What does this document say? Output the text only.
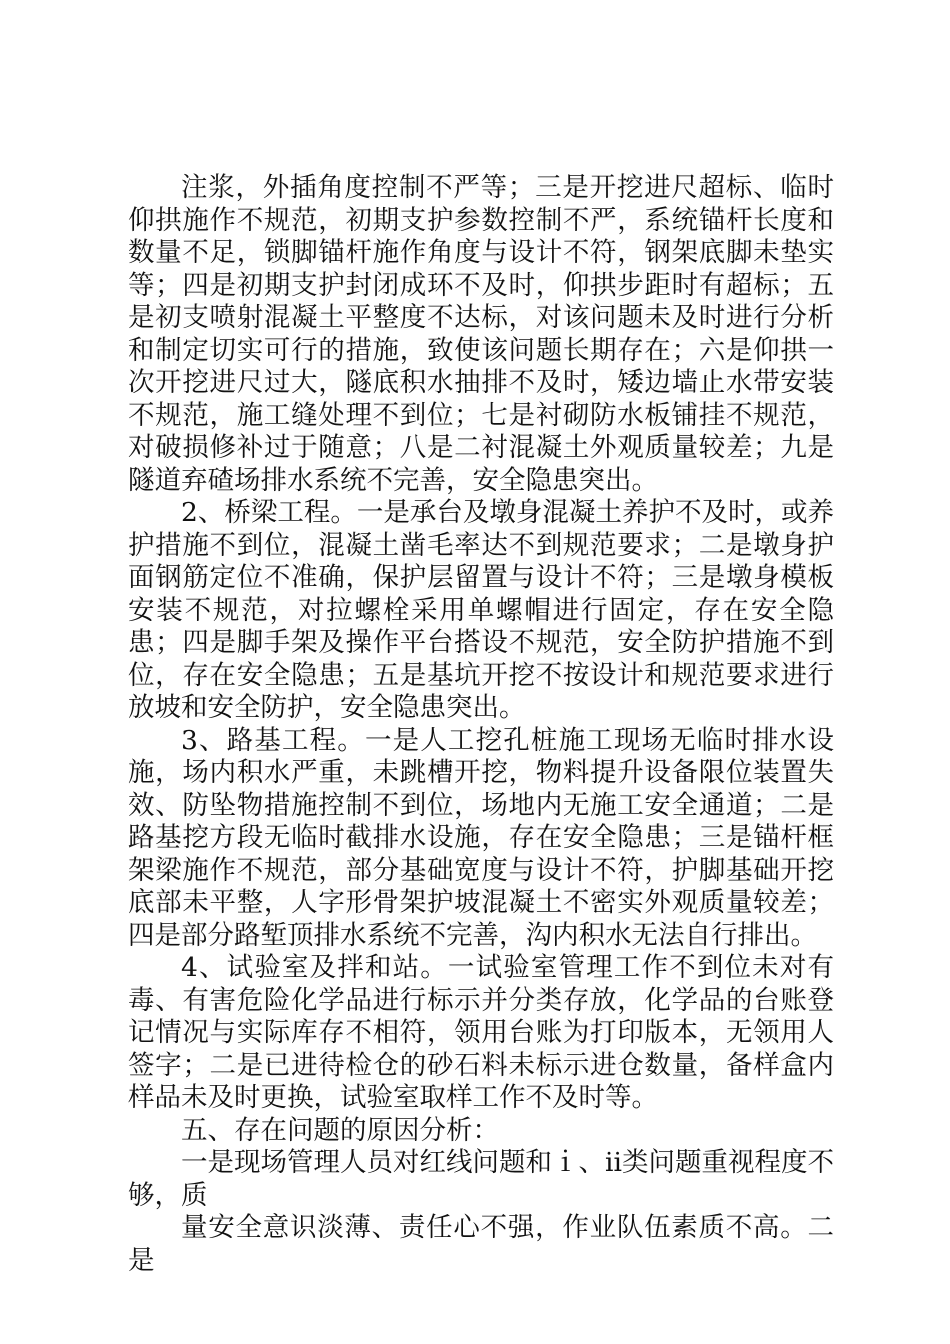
注浆，外插角度控制不严等；三是开挖进尺超标、临时仰拱施作不规范，初期支护参数控制不严，系统锚杆长度和数量不足，锁脚锚杆施作角度与设计不符，钢架底脚未垫实等；四是初期支护封闭成环不及时，仰拱步距时有超标；五是初支喷射混凝土平整度不达标，对该问题未及时进行分析和制定切实可行的措施，致使该问题长期存在；六是仰拱一次开挖进尺过大，隧底积水抽排不及时，矮边墙止水带安装不规范，施工缝处理不到位；七是衬砌防水板铺挂不规范，对破损修补过于随意；八是二衬混凝土外观质量较差；九是隧道弃碴场排水系统不完善，安全隐患突出。

2、桥梁工程。一是承台及墩身混凝土养护不及时，或养护措施不到位，混凝土凿毛率达不到规范要求；二是墩身护面钢筋定位不准确，保护层留置与设计不符；三是墩身模板安装不规范，对拉螺栓采用单螺帽进行固定，存在安全隐患；四是脚手架及操作平台搭设不规范，安全防护措施不到位，存在安全隐患；五是基坑开挖不按设计和规范要求进行放坡和安全防护，安全隐患突出。

3、路基工程。一是人工挖孔桩施工现场无临时排水设施，场内积水严重，未跳槽开挖，物料提升设备限位装置失效、防坠物措施控制不到位，场地内无施工安全通道；二是路基挖方段无临时截排水设施，存在安全隐患；三是锚杆框架梁施作不规范，部分基础宽度与设计不符，护脚基础开挖底部未平整，人字形骨架护坡混凝土不密实外观质量较差；四是部分路堑顶排水系统不完善，沟内积水无法自行排出。

4、试验室及拌和站。一试验室管理工作不到位未对有毒、有害危险化学品进行标示并分类存放，化学品的台账登记情况与实际库存不相符，领用台账为打印版本，无领用人签字；二是已进待检仓的砂石料未标示进仓数量，备样盒内样品未及时更换，试验室取样工作不及时等。

五、存在问题的原因分析：

一是现场管理人员对红线问题和ｉ、ii类问题重视程度不够，质

量安全意识淡薄、责任心不强，作业队伍素质不高。二是
